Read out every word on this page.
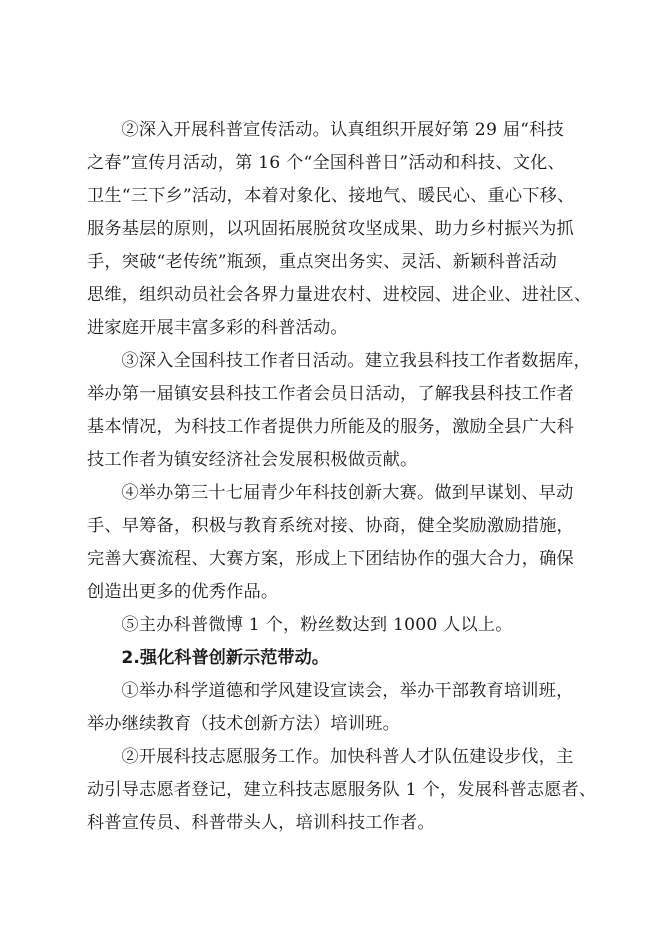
②深入开展科普宣传活动。认真组织开展好第 29 届“科技
之春”宣传月活动，第 16 个“全国科普日”活动和科技、文化、
卫生“三下乡”活动，本着对象化、接地气、暖民心、重心下移、
服务基层的原则，以巩固拓展脱贫攻坚成果、助力乡村振兴为抓
手，突破“老传统”瓶颈，重点突出务实、灵活、新颖科普活动
思维，组织动员社会各界力量进农村、进校园、进企业、进社区、
进家庭开展丰富多彩的科普活动。

③深入全国科技工作者日活动。建立我县科技工作者数据库，
举办第一届镇安县科技工作者会员日活动，了解我县科技工作者
基本情况，为科技工作者提供力所能及的服务，激励全县广大科
技工作者为镇安经济社会发展积极做贡献。

④举办第三十七届青少年科技创新大赛。做到早谋划、早动
手、早筹备，积极与教育系统对接、协商，健全奖励激励措施，
完善大赛流程、大赛方案，形成上下团结协作的强大合力，确保
创造出更多的优秀作品。

⑤主办科普微博 1 个，粉丝数达到 1000 人以上。

2.强化科普创新示范带动。

①举办科学道德和学风建设宣读会，举办干部教育培训班，
举办继续教育（技术创新方法）培训班。

②开展科技志愿服务工作。加快科普人才队伍建设步伐，主
动引导志愿者登记，建立科技志愿服务队 1 个，发展科普志愿者、
科普宣传员、科普带头人，培训科技工作者。
